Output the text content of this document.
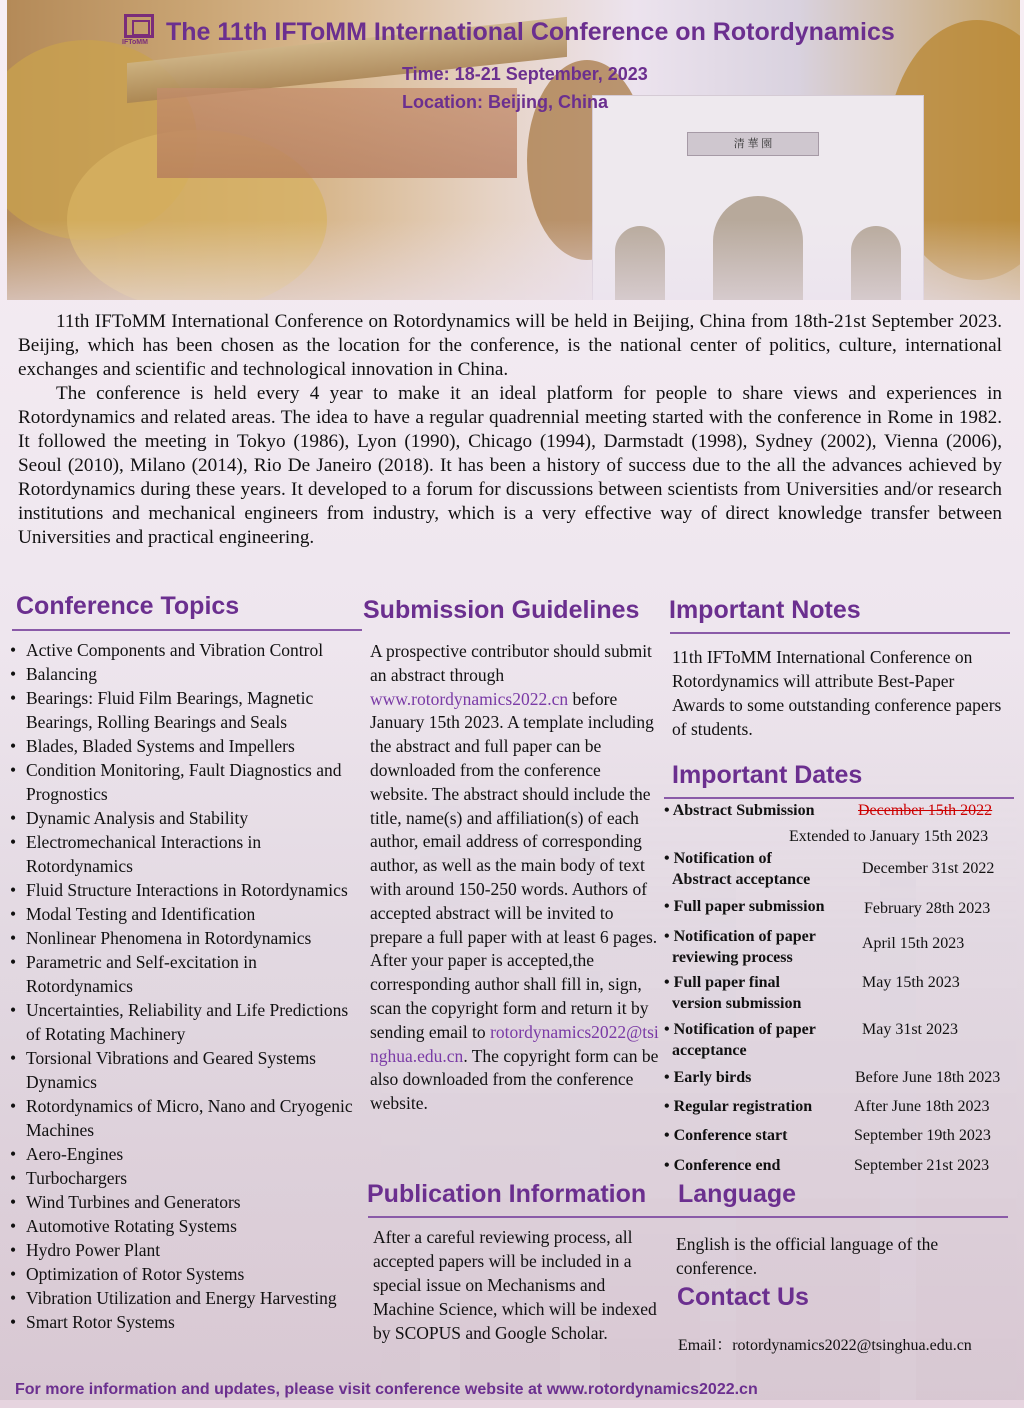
清 華 園
IFToMM The 11th IFToMM International Conference on Rotordynamics
Time: 18-21 September, 2023
Location: Beijing, China

11th IFToMM International Conference on Rotordynamics will be held in Beijing, China from 18th-21st September 2023. Beijing, which has been chosen as the location for the conference, is the national center of politics, culture, international exchanges and scientific and technological innovation in China.

The conference is held every 4 year to make it an ideal platform for people to share views and experiences in Rotordynamics and related areas. The idea to have a regular quadrennial meeting started with the conference in Rome in 1982. It followed the meeting in Tokyo (1986), Lyon (1990), Chicago (1994), Darmstadt (1998), Sydney (2002), Vienna (2006), Seoul (2010), Milano (2014), Rio De Janeiro (2018). It has been a history of success due to the all the advances achieved by Rotordynamics during these years. It developed to a forum for discussions between scientists from Universities and/or research institutions and mechanical engineers from industry, which is a very effective way of direct knowledge transfer between Universities and practical engineering.

Conference Topics	Submission Guidelines Important Notes
Important Dates
Publication Information Language
Contact Us
• Active Components and Vibration Control
• Balancing
• Bearings: Fluid Film Bearings, Magnetic Bearings, Rolling Bearings and Seals
• Blades, Bladed Systems and Impellers
• Condition Monitoring, Fault Diagnostics and Prognostics
• Dynamic Analysis and Stability
• Electromechanical Interactions in Rotordynamics
• Fluid Structure Interactions in Rotordynamics
• Modal Testing and Identification
• Nonlinear Phenomena in Rotordynamics
• Parametric and Self-excitation in Rotordynamics
• Uncertainties, Reliability and Life Predictions of Rotating Machinery
• Torsional Vibrations and Geared Systems Dynamics
• Rotordynamics of Micro, Nano and Cryogenic Machines
• Aero-Engines
• Turbochargers
• Wind Turbines and Generators
• Automotive Rotating Systems
• Hydro Power Plant
• Optimization of Rotor Systems
• Vibration Utilization and Energy Harvesting
• Smart Rotor Systems
A prospective contributor should submit an abstract through www.rotordynamics2022.cn before January 15th 2023. A template including the abstract and full paper can be downloaded from the conference website. The abstract should include the title, name(s) and affiliation(s) of each author, email address of corresponding author, as well as the main body of text with around 150-250 words. Authors of accepted abstract will be invited to prepare a full paper with at least 6 pages. After your paper is accepted,the corresponding author shall fill in, sign, scan the copyright form and return it by sending email to rotordynamics2022@tsinghua.edu.cn. The copyright form can be also downloaded from the conference website.
After a careful reviewing process, all accepted papers will be included in a special issue on Mechanisms and Machine Science, which will be indexed by SCOPUS and Google Scholar.
11th IFToMM International Conference on Rotordynamics will attribute Best-Paper Awards to some outstanding conference papers of students.
• Abstract Submission	December 15th 2022
Extended to January 15th 2023
• Notification of
Abstract acceptance
December 31st 2022
• Full paper submission February 28th 2023
• Notification of paper
reviewing process
April 15th 2023
• Full paper final
version submission
May 15th 2023
• Notification of paper
acceptance
May 31st 2023
• Early birds	Before June 18th 2023
• Regular registration	After June 18th 2023
• Conference start	September 19th 2023
• Conference end	September 21st 2023
English is the official language of the conference.
Email：rotordynamics2022@tsinghua.edu.cn
For more information and updates, please visit conference website at www.rotordynamics2022.cn
